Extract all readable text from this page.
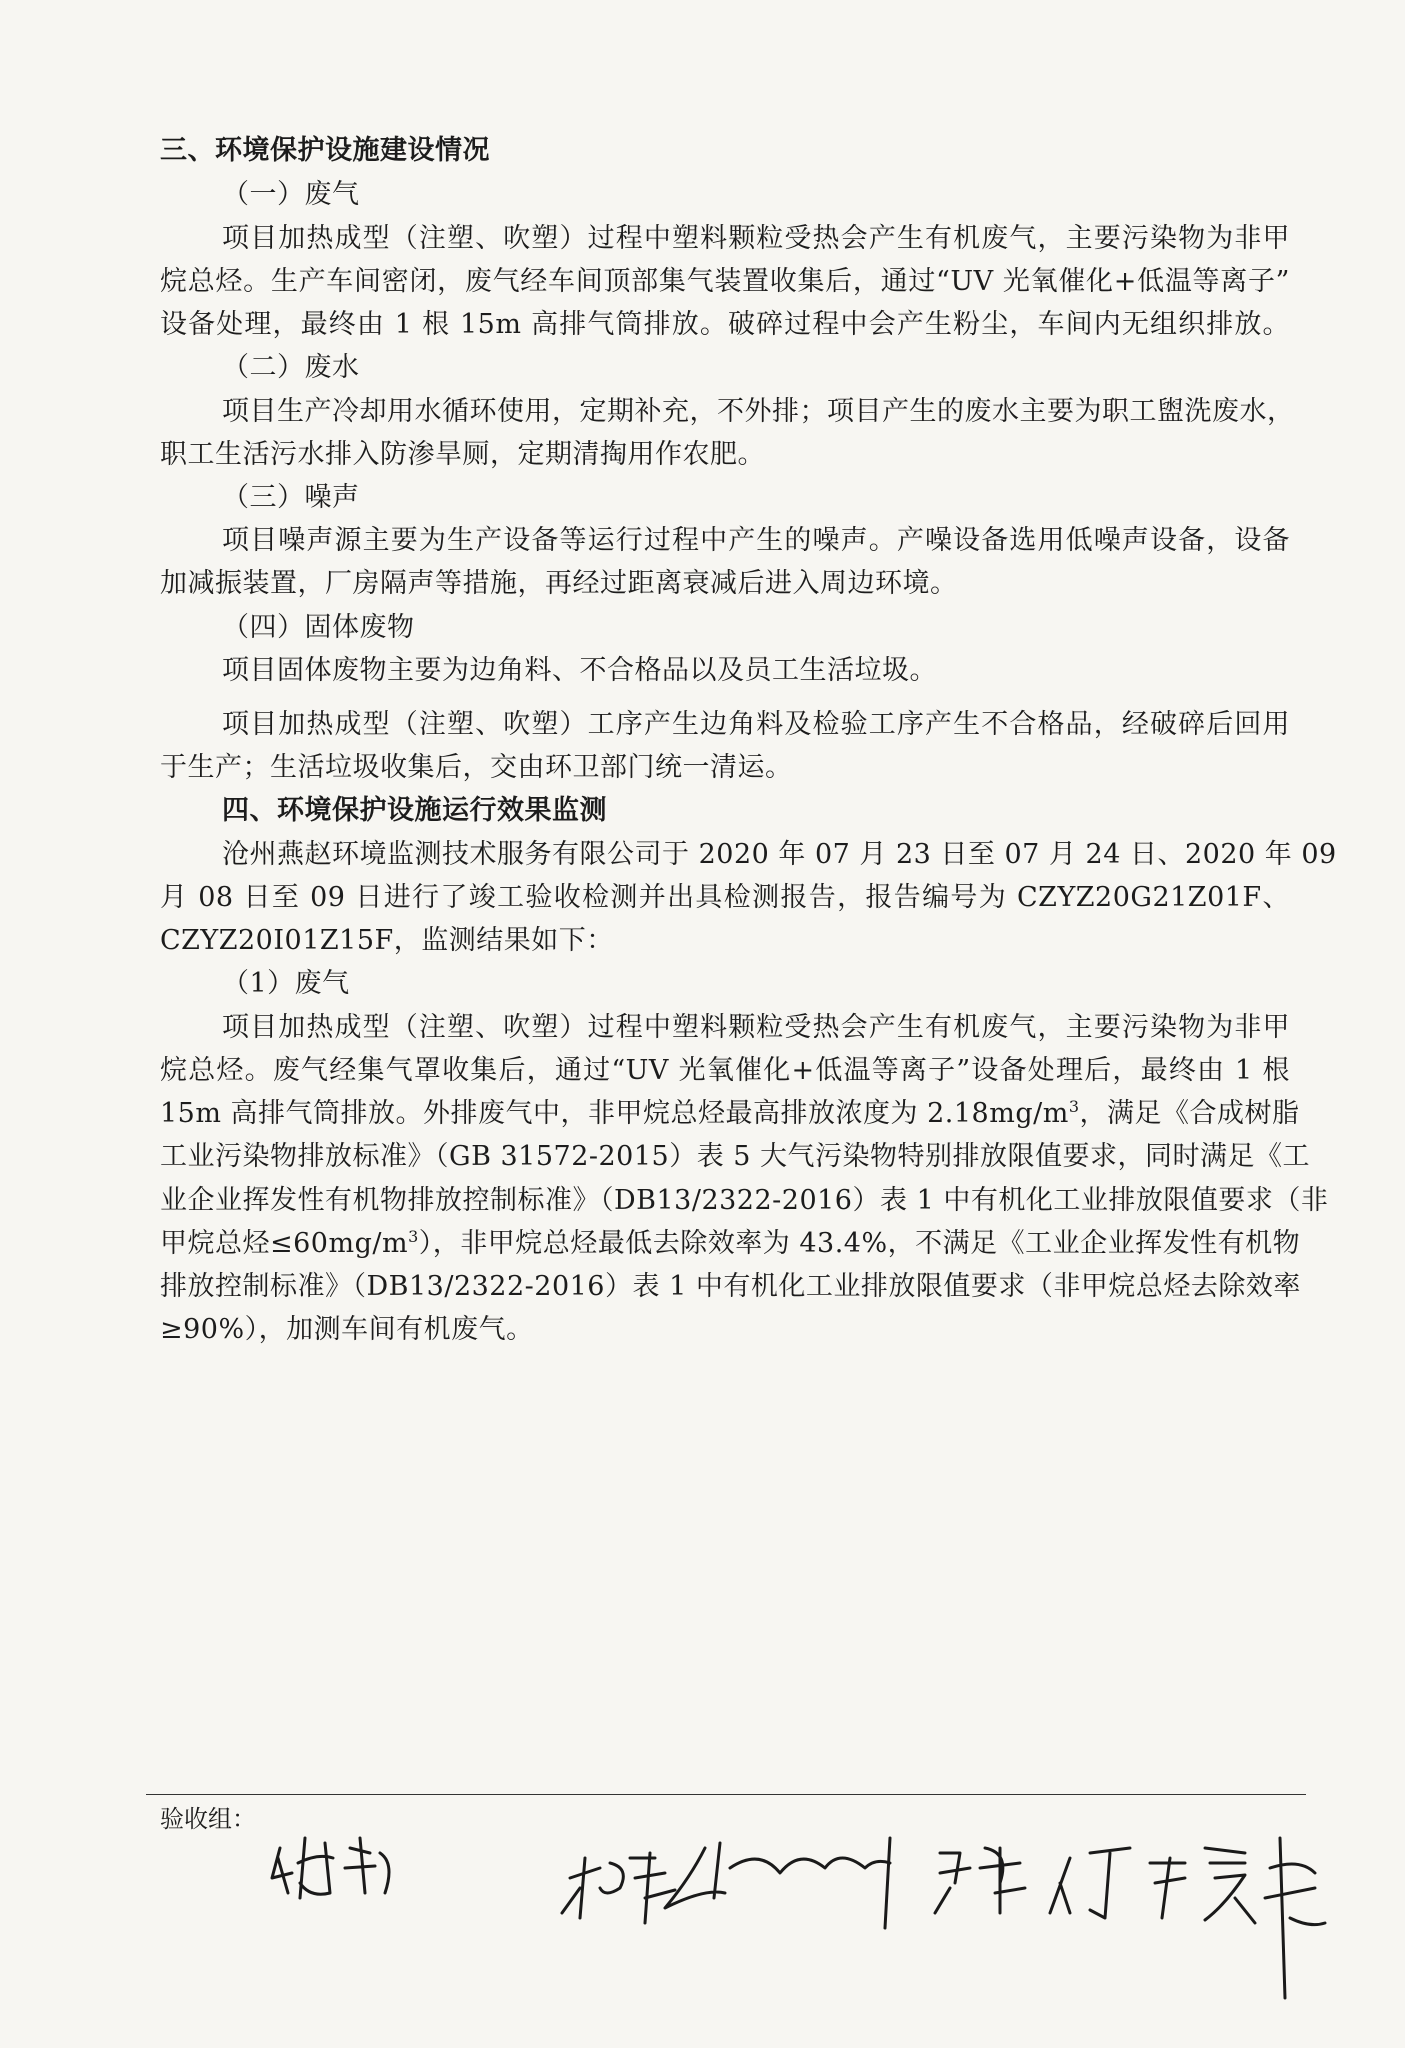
三、环境保护设施建设情况
（一）废气
项目加热成型（注塑、吹塑）过程中塑料颗粒受热会产生有机废气，主要污染物为非甲
烷总烃。生产车间密闭，废气经车间顶部集气装置收集后，通过“UV 光氧催化+低温等离子”
设备处理，最终由 1 根 15m 高排气筒排放。破碎过程中会产生粉尘，车间内无组织排放。
（二）废水
项目生产冷却用水循环使用，定期补充，不外排；项目产生的废水主要为职工盥洗废水，
职工生活污水排入防渗旱厕，定期清掏用作农肥。
（三）噪声
项目噪声源主要为生产设备等运行过程中产生的噪声。产噪设备选用低噪声设备，设备
加减振装置，厂房隔声等措施，再经过距离衰减后进入周边环境。
（四）固体废物
项目固体废物主要为边角料、不合格品以及员工生活垃圾。
项目加热成型（注塑、吹塑）工序产生边角料及检验工序产生不合格品，经破碎后回用
于生产；生活垃圾收集后，交由环卫部门统一清运。
四、环境保护设施运行效果监测
沧州燕赵环境监测技术服务有限公司于 2020 年 07 月 23 日至 07 月 24 日、2020 年 09
月 08 日至 09 日进行了竣工验收检测并出具检测报告，报告编号为 CZYZ20G21Z01F、
CZYZ20I01Z15F，监测结果如下：
（1）废气
项目加热成型（注塑、吹塑）过程中塑料颗粒受热会产生有机废气，主要污染物为非甲
烷总烃。废气经集气罩收集后，通过“UV 光氧催化+低温等离子”设备处理后，最终由 1 根
15m 高排气筒排放。外排废气中，非甲烷总烃最高排放浓度为 $2.18mg/m^3$，满足《合成树脂
工业污染物排放标准》（GB 31572-2015）表 5 大气污染物特别排放限值要求，同时满足《工
业企业挥发性有机物排放控制标准》（DB13/2322-2016）表 1 中有机化工业排放限值要求（非
甲烷总烃$\le 60mg/m^3$），非甲烷总烃最低去除效率为 43.4%，不满足《工业企业挥发性有机物
排放控制标准》（DB13/2322-2016）表 1 中有机化工业排放限值要求（非甲烷总烃去除效率
≥90%），加测车间有机废气。
验收组：
